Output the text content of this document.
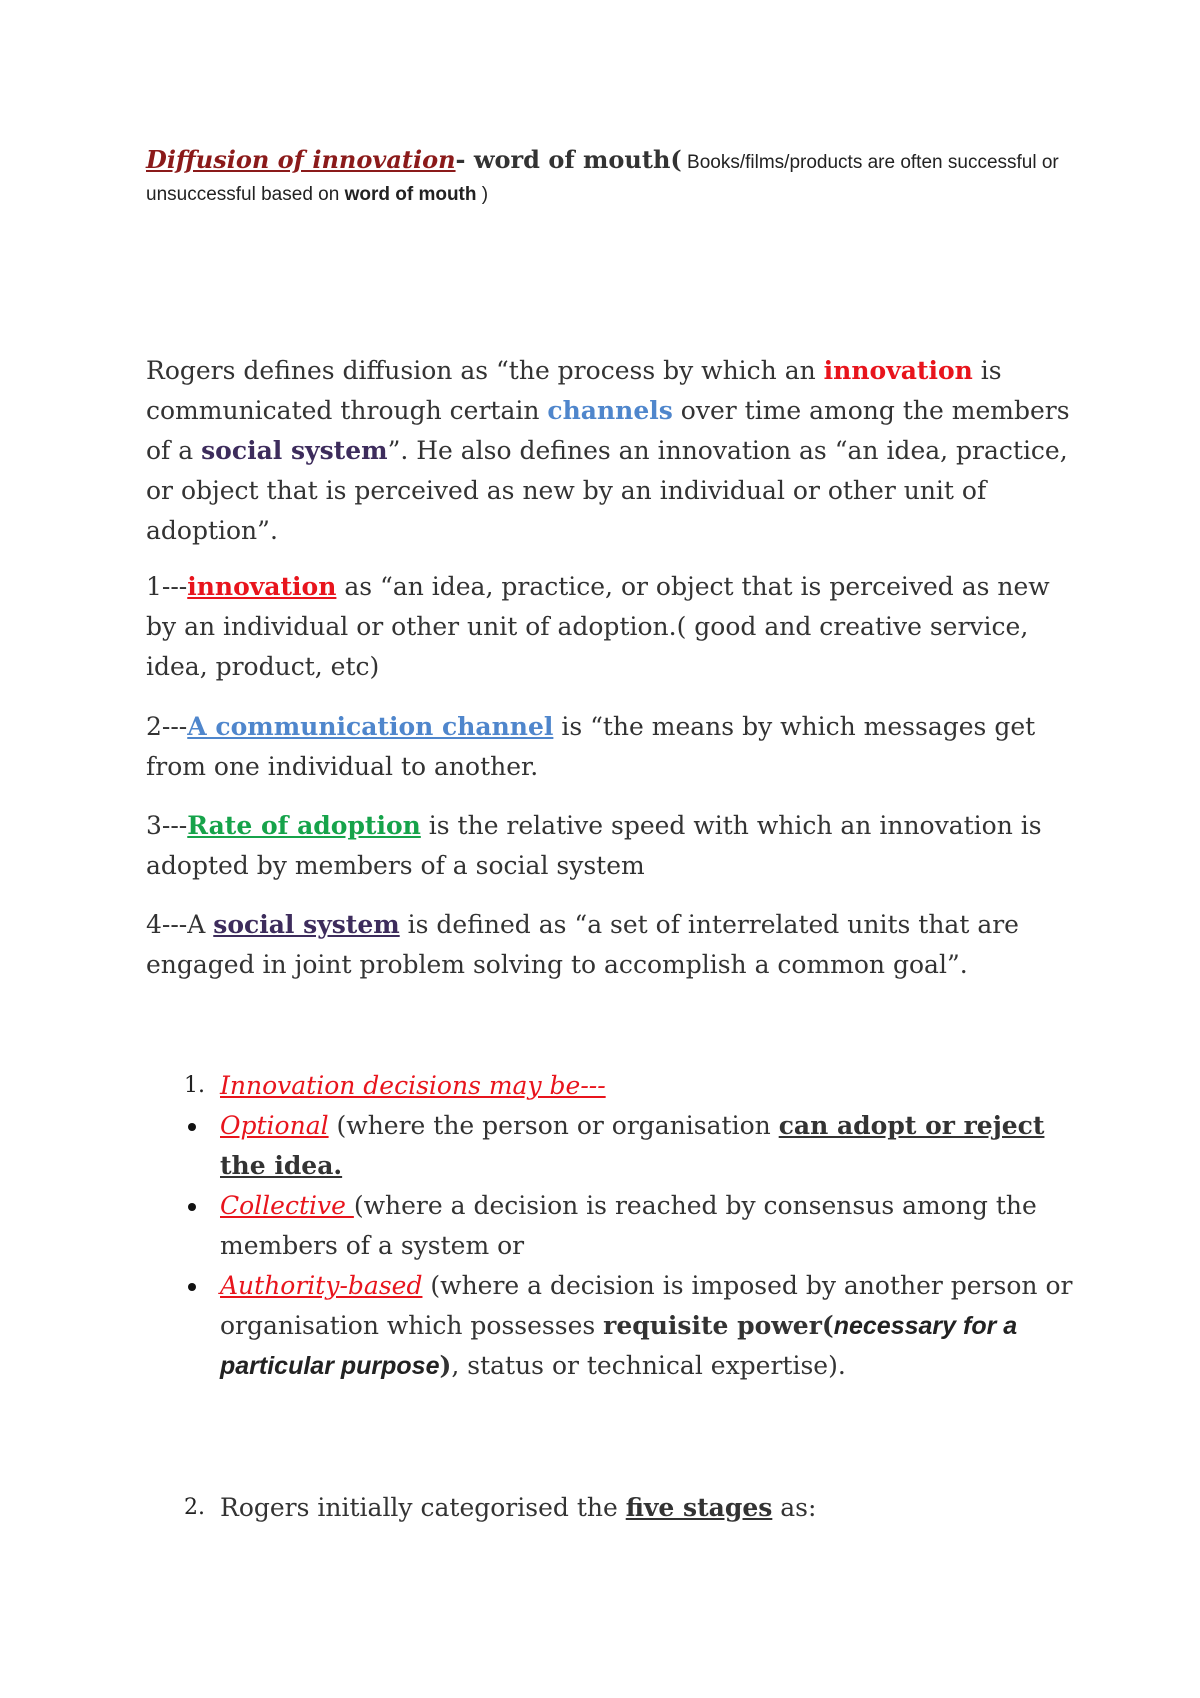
Diffusion of innovation- word of mouth( Books/films/products are often successful or unsuccessful based on word of mouth )

Rogers defines diffusion as “the process by which an innovation is communicated through certain channels over time among the members of a social system”. He also defines an innovation as “an idea, practice, or object that is perceived as new by an individual or other unit of adoption”.

1---innovation as “an idea, practice, or object that is perceived as new by an individual or other unit of adoption.( good and creative service, idea, product, etc)

2---A communication channel is “the means by which messages get from one individual to another.

3---Rate of adoption is the relative speed with which an innovation is adopted by members of a social system

4---A social system is defined as “a set of interrelated units that are engaged in joint problem solving to accomplish a common goal”.

1. Innovation decisions may be---
Optional (where the person or organisation can adopt or reject the idea.
Collective (where a decision is reached by consensus among the members of a system or
Authority-based (where a decision is imposed by another person or organisation which possesses requisite power(necessary for a particular purpose), status or technical expertise).
2. Rogers initially categorised the five stages as:
